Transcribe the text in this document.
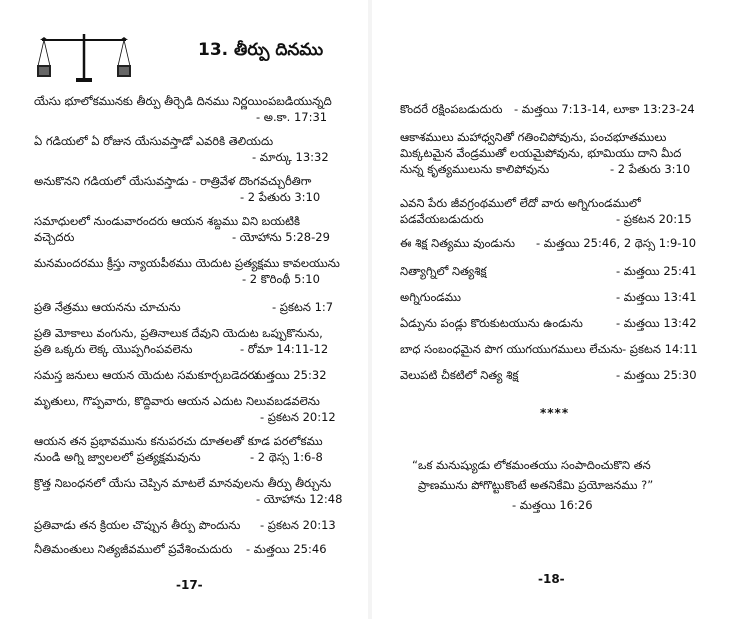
13. తీర్పు దినము
యేసు భూలోకమునకు తీర్పు తీర్చెడి దినము నిర్ణయింపబడియున్నది
- అ.కా. 17:31
ఏ గడియలో ఏ రోజున యేసువస్తాడో ఎవరికి తెలియదు
- మార్కు 13:32
అనుకొనని గడియలో యేసువస్తాడు - రాత్రివేళ దొంగవచ్చురీతిగా
- 2 పేతురు 3:10
సమాధులలో నుండువారందరు ఆయన శబ్దము విని బయటికి
వచ్చెదరు	- యోహాను 5:28-29
మనమందరము క్రీస్తు న్యాయపీఠము యెదుట ప్రత్యక్షము కావలయును
- 2 కొరింథీ 5:10
ప్రతి నేత్రము ఆయనను చూచును	- ప్రకటన 1:7
ప్రతి మోకాలు వంగును, ప్రతినాలుక దేవుని యెదుట ఒప్పుకొనును,
ప్రతి ఒక్కరు లెక్క యొప్పగింపవలెను	- రోమా 14:11-12
సమస్త జనులు ఆయన యెదుట సమకూర్చబడెదరు
- మత్తయి 25:32
మృతులు, గొప్పవారు, కొద్దివారు ఆయన ఎదుట నిలువబడవలెను
- ప్రకటన 20:12
ఆయన తన ప్రభావమును కనుపరచు దూతలతో కూడ పరలోకము
నుండి అగ్ని జ్వాలలలో ప్రత్యక్షమవును	- 2 థెస్స 1:6-8
క్రొత్త నిబంధనలో యేసు చెప్పిన మాటలే మానవులను తీర్పు తీర్చును
- యోహాను 12:48
ప్రతివాడు తన క్రియల చొప్పున తీర్పు పొందును - ప్రకటన 20:13
నీతిమంతులు నిత్యజీవములో ప్రవేశించుదురు - మత్తయి 25:46
-17-
కొందరే రక్షింపబడుదురు - మత్తయి 7:13-14, లూకా 13:23-24
ఆకాశములు మహాధ్వనితో గతించిపోవును, పంచభూతములు
మిక్కటమైన వేండ్రముతో లయమైపోవును, భూమియు దాని మీద
నున్న కృత్యములును కాలిపోవును	- 2 పేతురు 3:10
ఎవని పేరు జీవగ్రంథములో లేదో వారు అగ్నిగుండములో
పడవేయబడుదురు	- ప్రకటన 20:15
ఈ శిక్ష నిత్యము వుండును - మత్తయి 25:46, 2 థెస్స 1:9-10
నిత్యాగ్నిలో నిత్యశిక్ష	- మత్తయి 25:41
అగ్నిగుండము	- మత్తయి 13:41
ఏడ్పును పండ్లు కొరుకుటయును ఉండును	- మత్తయి 13:42
బాధ సంబంధమైన పొగ యుగయుగములు లేచును - ప్రకటన 14:11
వెలుపటి చీకటిలో నిత్య శిక్ష	- మత్తయి 25:30
****
“ఒక మనుష్యుడు లోకమంతయు సంపాదించుకొని తన
ప్రాణమును పోగొట్టుకొంటే అతనికేమి ప్రయోజనము ?”
- మత్తయి 16:26
-18-
